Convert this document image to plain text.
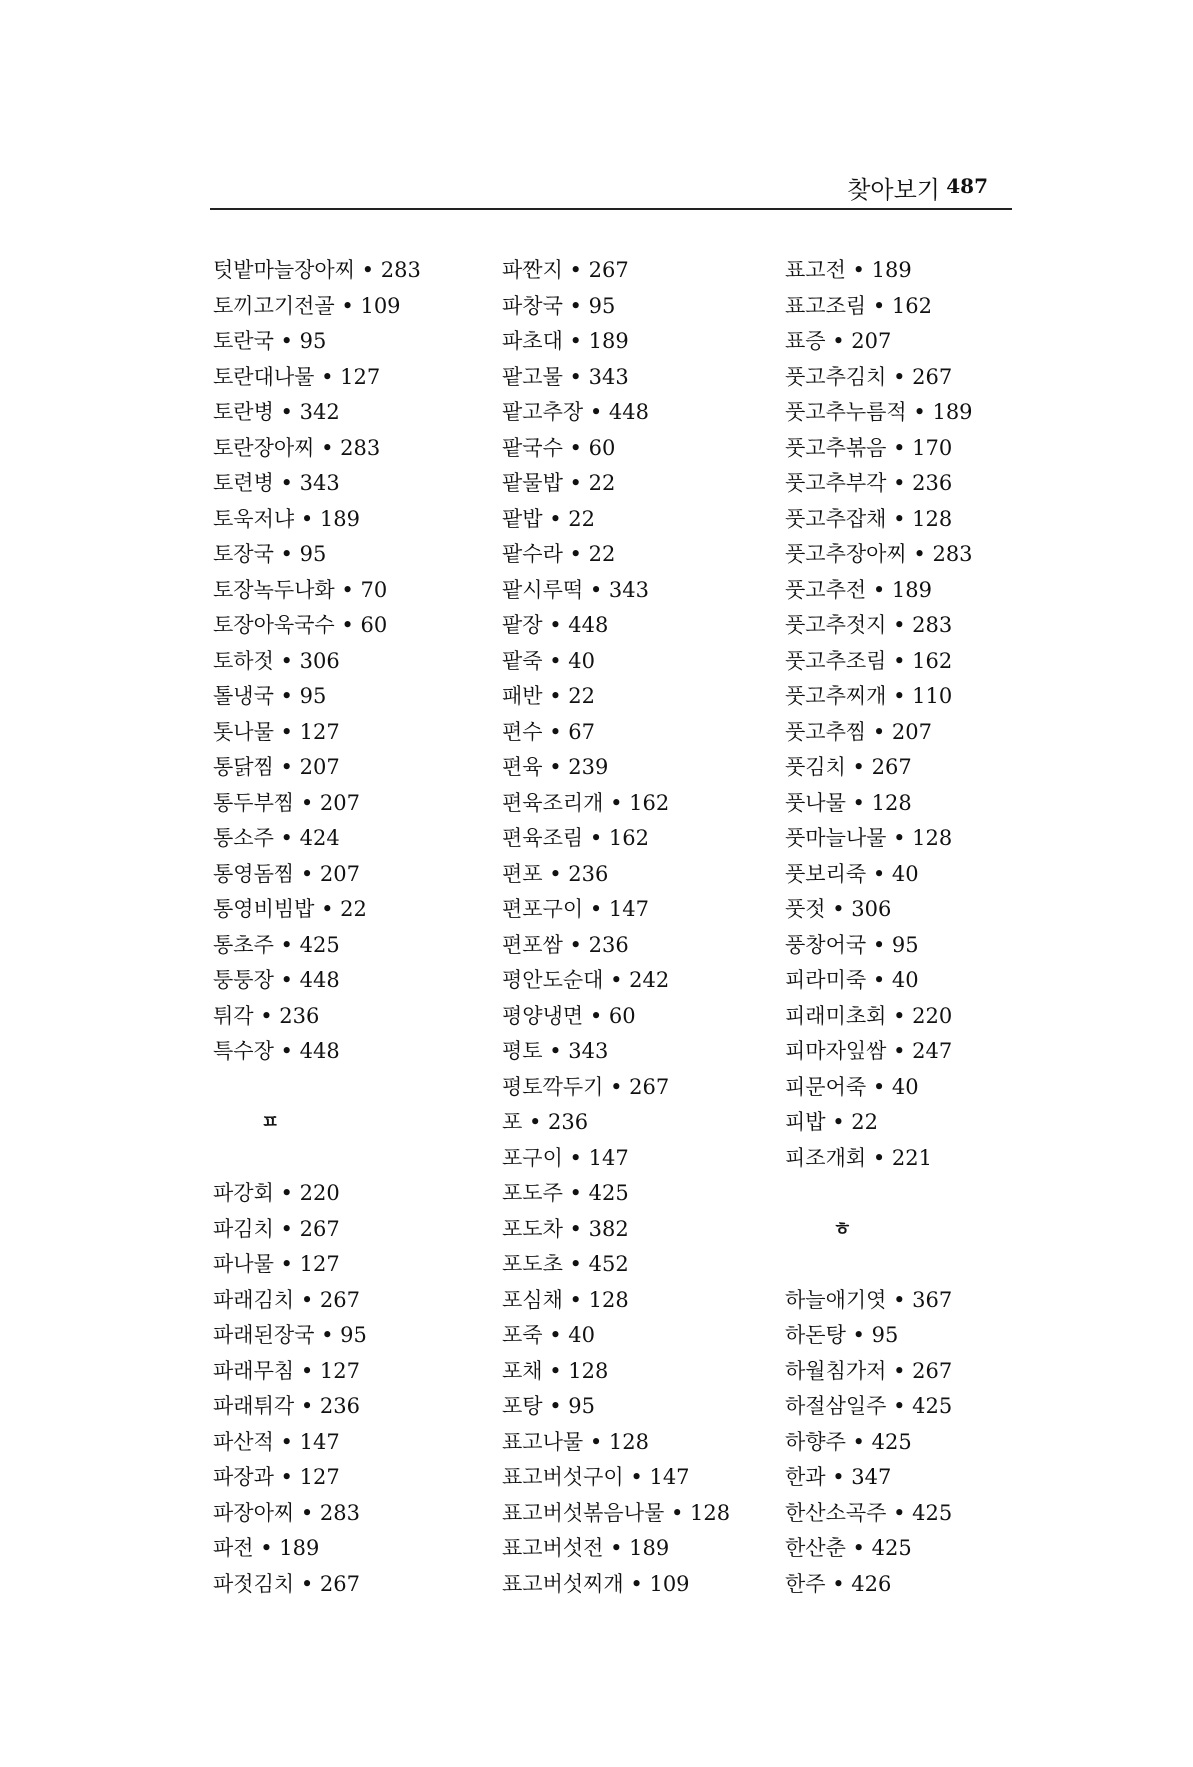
찾아보기 487
텃밭마늘장아찌 • 283
토끼고기전골 • 109
토란국 • 95
토란대나물 • 127
토란병 • 342
토란장아찌 • 283
토련병 • 343
토욱저냐 • 189
토장국 • 95
토장녹두나화 • 70
토장아욱국수 • 60
토하젓 • 306
톨냉국 • 95
톳나물 • 127
통닭찜 • 207
통두부찜 • 207
통소주 • 424
통영돔찜 • 207
통영비빔밥 • 22
통초주 • 425
퉁퉁장 • 448
튀각 • 236
특수장 • 448
ㅍ
파강회 • 220
파김치 • 267
파나물 • 127
파래김치 • 267
파래된장국 • 95
파래무침 • 127
파래튀각 • 236
파산적 • 147
파장과 • 127
파장아찌 • 283
파전 • 189
파젓김치 • 267
파짠지 • 267
파창국 • 95
파초대 • 189
팥고물 • 343
팥고추장 • 448
팥국수 • 60
팥물밥 • 22
팥밥 • 22
팥수라 • 22
팥시루떡 • 343
팥장 • 448
팥죽 • 40
패반 • 22
편수 • 67
편육 • 239
편육조리개 • 162
편육조림 • 162
편포 • 236
편포구이 • 147
편포쌈 • 236
평안도순대 • 242
평양냉면 • 60
평토 • 343
평토깍두기 • 267
포 • 236
포구이 • 147
포도주 • 425
포도차 • 382
포도초 • 452
포심채 • 128
포죽 • 40
포채 • 128
포탕 • 95
표고나물 • 128
표고버섯구이 • 147
표고버섯볶음나물 • 128
표고버섯전 • 189
표고버섯찌개 • 109
표고전 • 189
표고조림 • 162
표증 • 207
풋고추김치 • 267
풋고추누름적 • 189
풋고추볶음 • 170
풋고추부각 • 236
풋고추잡채 • 128
풋고추장아찌 • 283
풋고추전 • 189
풋고추젓지 • 283
풋고추조림 • 162
풋고추찌개 • 110
풋고추찜 • 207
풋김치 • 267
풋나물 • 128
풋마늘나물 • 128
풋보리죽 • 40
풋젓 • 306
풍창어국 • 95
피라미죽 • 40
피래미초회 • 220
피마자잎쌈 • 247
피문어죽 • 40
피밥 • 22
피조개회 • 221
ㅎ
하늘애기엿 • 367
하돈탕 • 95
하월침가저 • 267
하절삼일주 • 425
하향주 • 425
한과 • 347
한산소곡주 • 425
한산춘 • 425
한주 • 426
